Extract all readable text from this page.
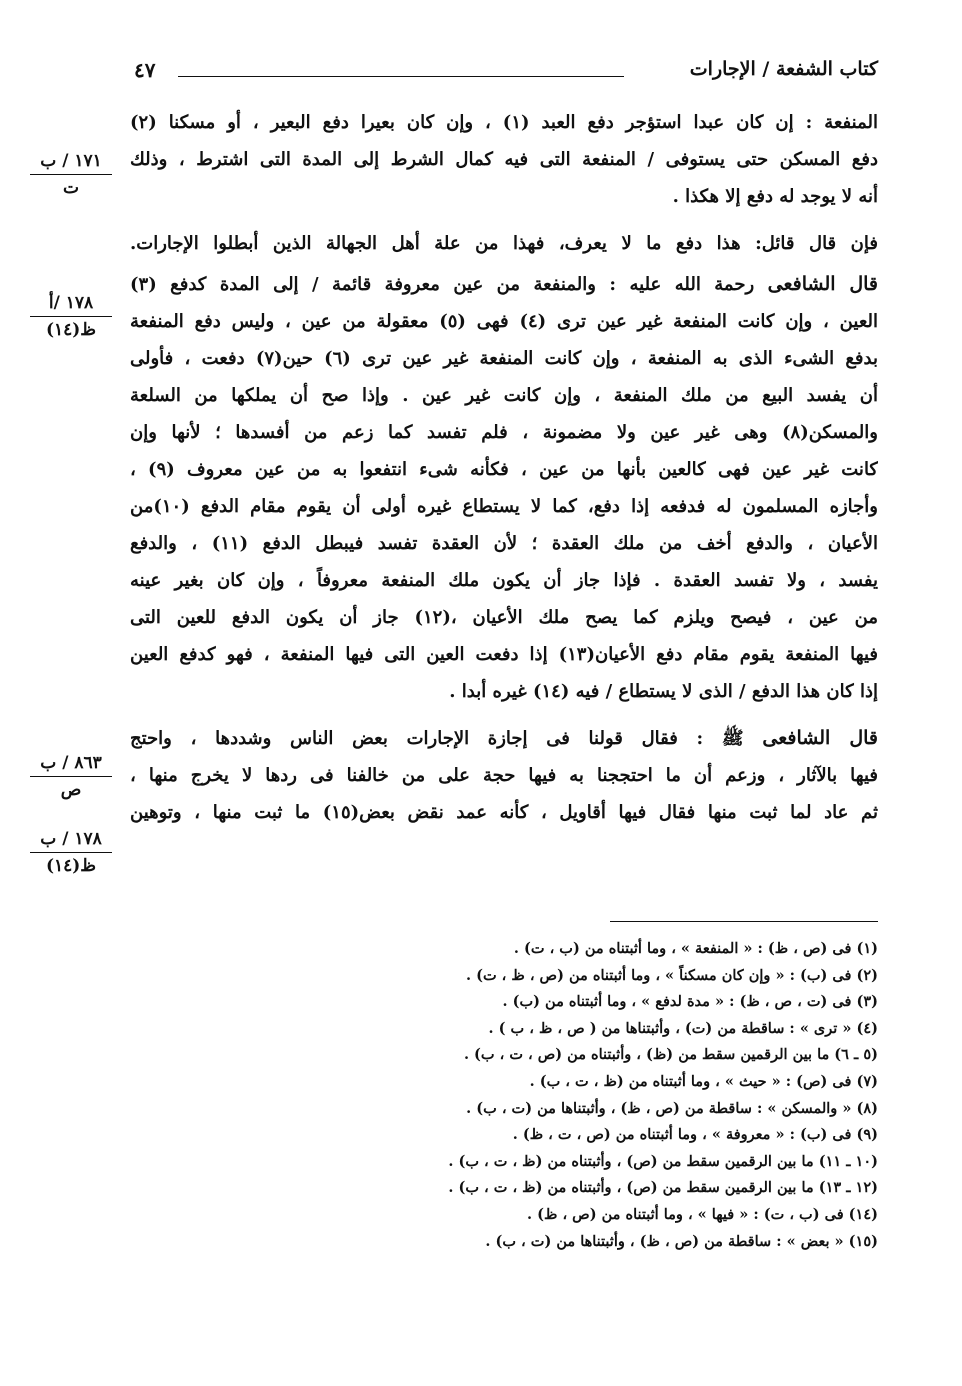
كتاب الشفعة / الإجارات
٤٧
١٧١ / ب
ت
١٧٨ /أ
ظ(١٤)
٨٦٣ / ب
ص
١٧٨ / ب
ظ(١٤)
المنفعة : إن كان عبدا استؤجر دفع العبد (١) ، وإن كان بعيرا دفع البعير ، أو مسكنا (٢)
دفع المسكن حتى يستوفى / المنفعة التى فيه كمال الشرط إلى المدة التى اشترط ، وذلك
أنه لا يوجد له دفع إلا هكذا .
فإن قال قائل: هذا دفع ما لا يعرف، فهذا من علة أهل الجهالة الذين أبطلوا الإجارات.
قال الشافعى رحمة الله عليه : والمنفعة من عين معروفة قائمة / إلى المدة كدفع (٣)
العين ، وإن كانت المنفعة غير عين ترى (٤) فهى (٥) معقولة من عين ، وليس دفع المنفعة
بدفع الشىء الذى به المنفعة ، وإن كانت المنفعة غير عين ترى (٦) حين(٧) دفعت ، فأولى
أن يفسد البيع من ملك المنفعة ، وإن كانت غير عين . وإذا صح أن يملكها من السلعة
والمسكن(٨) وهى غير عين ولا مضمونة ، فلم تفسد كما زعم من أفسدها ؛ لأنها وإن
كانت غير عين فهى كالعين بأنها من عين ، فكأنه شىء انتفعوا به من عين معروف (٩) ،
وأجازه المسلمون له فدفعه إذا دفع، كما لا يستطاع غيره أولى أن يقوم مقام الدفع (١٠)من
الأعيان ، والدفع أخف من ملك العقدة ؛ لأن العقدة تفسد فيبطل الدفع (١١) ، والدفع
يفسد ، ولا تفسد العقدة . فإذا جاز أن يكون ملك المنفعة معروفاً ، وإن كان بغير عينه
من عين ، فيصح ويلزم كما يصح ملك الأعيان ،(١٢) جاز أن يكون الدفع للعين التى
فيها المنفعة يقوم مقام دفع الأعيان(١٣) إذا دفعت العين التى فيها المنفعة ، فهو كدفع العين
إذا كان هذا الدفع / الذى لا يستطاع / فيه (١٤) غيره أبدا .
قال الشافعى ﷺ : فقال قولنا فى إجازة الإجارات بعض الناس وشددها ، واحتج
فيها بالآثار ، وزعم أن ما احتججنا به فيها حجة على من خالفنا فى ردها لا يخرج منها ،
ثم عاد لما ثبت منها فقال فيها أقاويل ، كأنه عمد نقض بعض(١٥) ما ثبت منها ، وتوهين
(١) فى (ص ، ظ) : « المنفعة » ، وما أثبتناه من (ب ، ت) .
(٢) فى (ب) : « وإن كان مسكناً » ، وما أثبتناه من (ص ، ظ ، ت) .
(٣) فى (ت ، ص ، ظ) : « مدة لدفع » ، وما أثبتناه من (ب) .
(٤) « ترى » : ساقطة من (ت) ، وأثبتناها من ( ص ، ظ ، ب ) .
(٥ ـ ٦) ما بين الرقمين سقط من (ظ) ، وأثبتناه من (ص ، ت ، ب) .
(٧) فى (ص) : « حيث » ، وما أثبتناه من (ظ ، ت ، ب) .
(٨) « والمسكن » : ساقطة من (ص ، ظ) ، وأثبتناها من (ت ، ب) .
(٩) فى (ب) : « معروفة » ، وما أثبتناه من (ص ، ت ، ظ) .
(١٠ ـ ١١) ما بين الرقمين سقط من (ص) ، وأثبتناه من (ظ ، ت ، ب) .
(١٢ ـ ١٣) ما بين الرقمين سقط من (ص) ، وأثبتناه من (ظ ، ت ، ب) .
(١٤) فى (ب ، ت) : « فيها » ، وما أثبتناه من (ص ، ظ) .
(١٥) « بعض » : ساقطة من (ص ، ظ) ، وأثبتناها من (ت ، ب) .
